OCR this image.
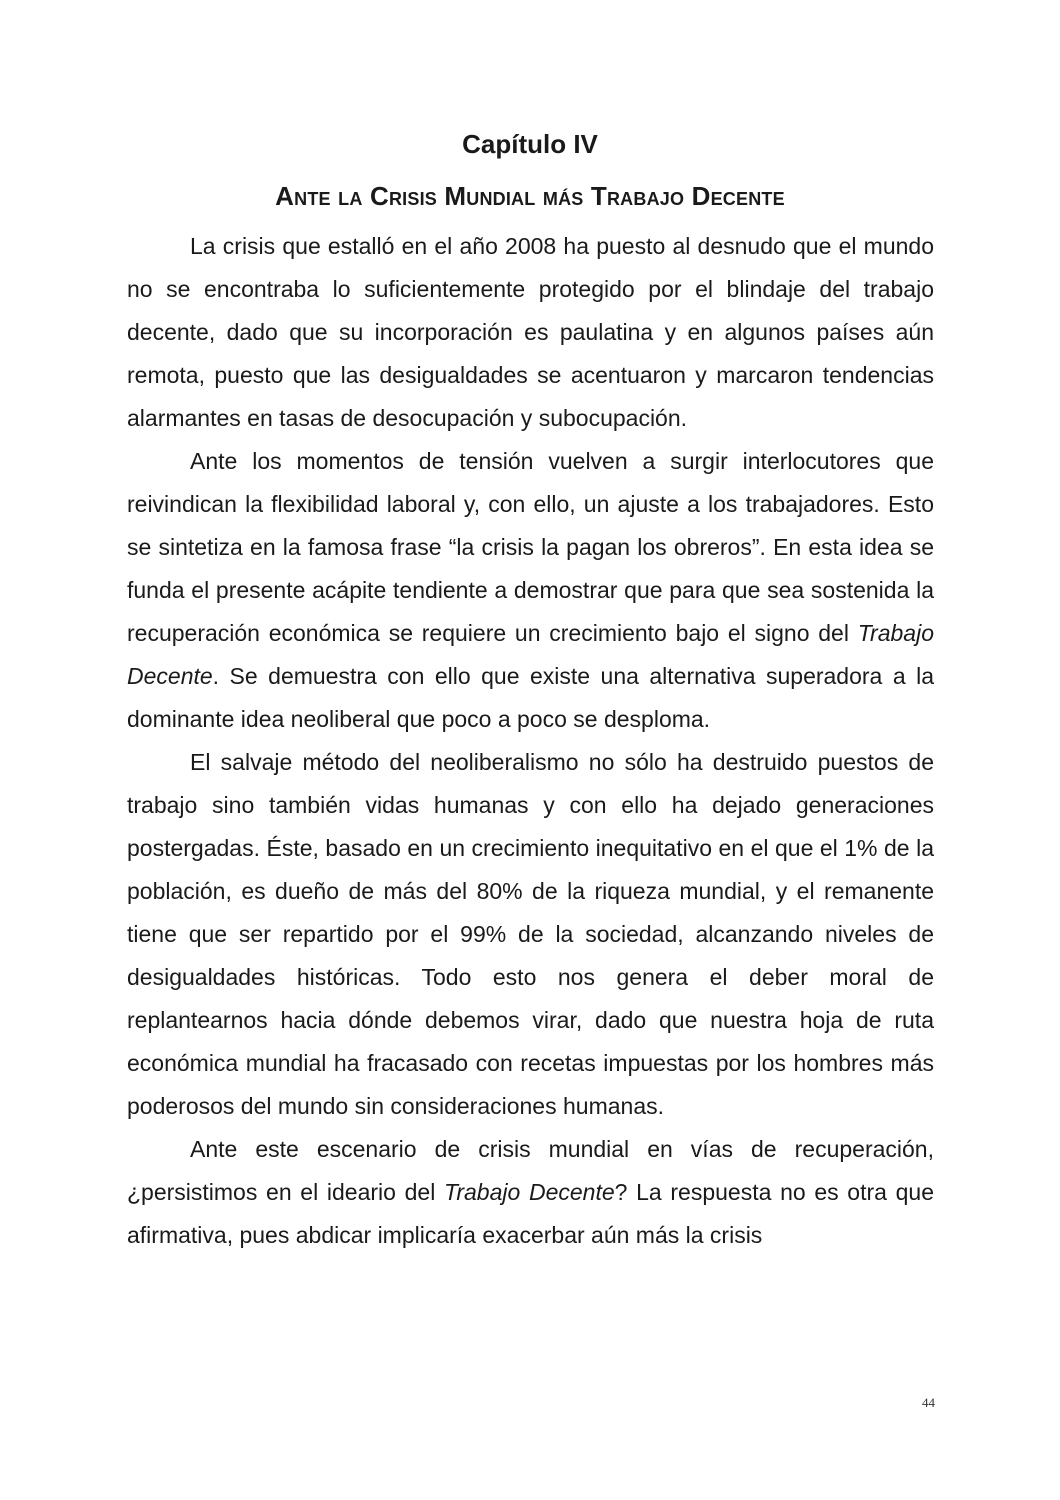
Capítulo IV
Ante la Crisis Mundial más Trabajo Decente

La crisis que estalló en el año 2008 ha puesto al desnudo que el mundo no se encontraba lo suficientemente protegido por el blindaje del trabajo decente, dado que su incorporación es paulatina y en algunos países aún remota, puesto que las desigualdades se acentuaron y marcaron tendencias alarmantes en tasas de desocupación y subocupación.

Ante los momentos de tensión vuelven a surgir interlocutores que reivindican la flexibilidad laboral y, con ello, un ajuste a los trabajadores. Esto se sintetiza en la famosa frase “la crisis la pagan los obreros”. En esta idea se funda el presente acápite tendiente a demostrar que para que sea sostenida la recuperación económica se requiere un crecimiento bajo el signo del Trabajo Decente. Se demuestra con ello que existe una alternativa superadora a la dominante idea neoliberal que poco a poco se desploma.

El salvaje método del neoliberalismo no sólo ha destruido puestos de trabajo sino también vidas humanas y con ello ha dejado generaciones postergadas. Éste, basado en un crecimiento inequitativo en el que el 1% de la población, es dueño de más del 80% de la riqueza mundial, y el remanente tiene que ser repartido por el 99% de la sociedad, alcanzando niveles de desigualdades históricas. Todo esto nos genera el deber moral de replantearnos hacia dónde debemos virar, dado que nuestra hoja de ruta económica mundial ha fracasado con recetas impuestas por los hombres más poderosos del mundo sin consideraciones humanas.

Ante este escenario de crisis mundial en vías de recuperación, ¿persistimos en el ideario del Trabajo Decente? La respuesta no es otra que afirmativa, pues abdicar implicaría exacerbar aún más la crisis

44
